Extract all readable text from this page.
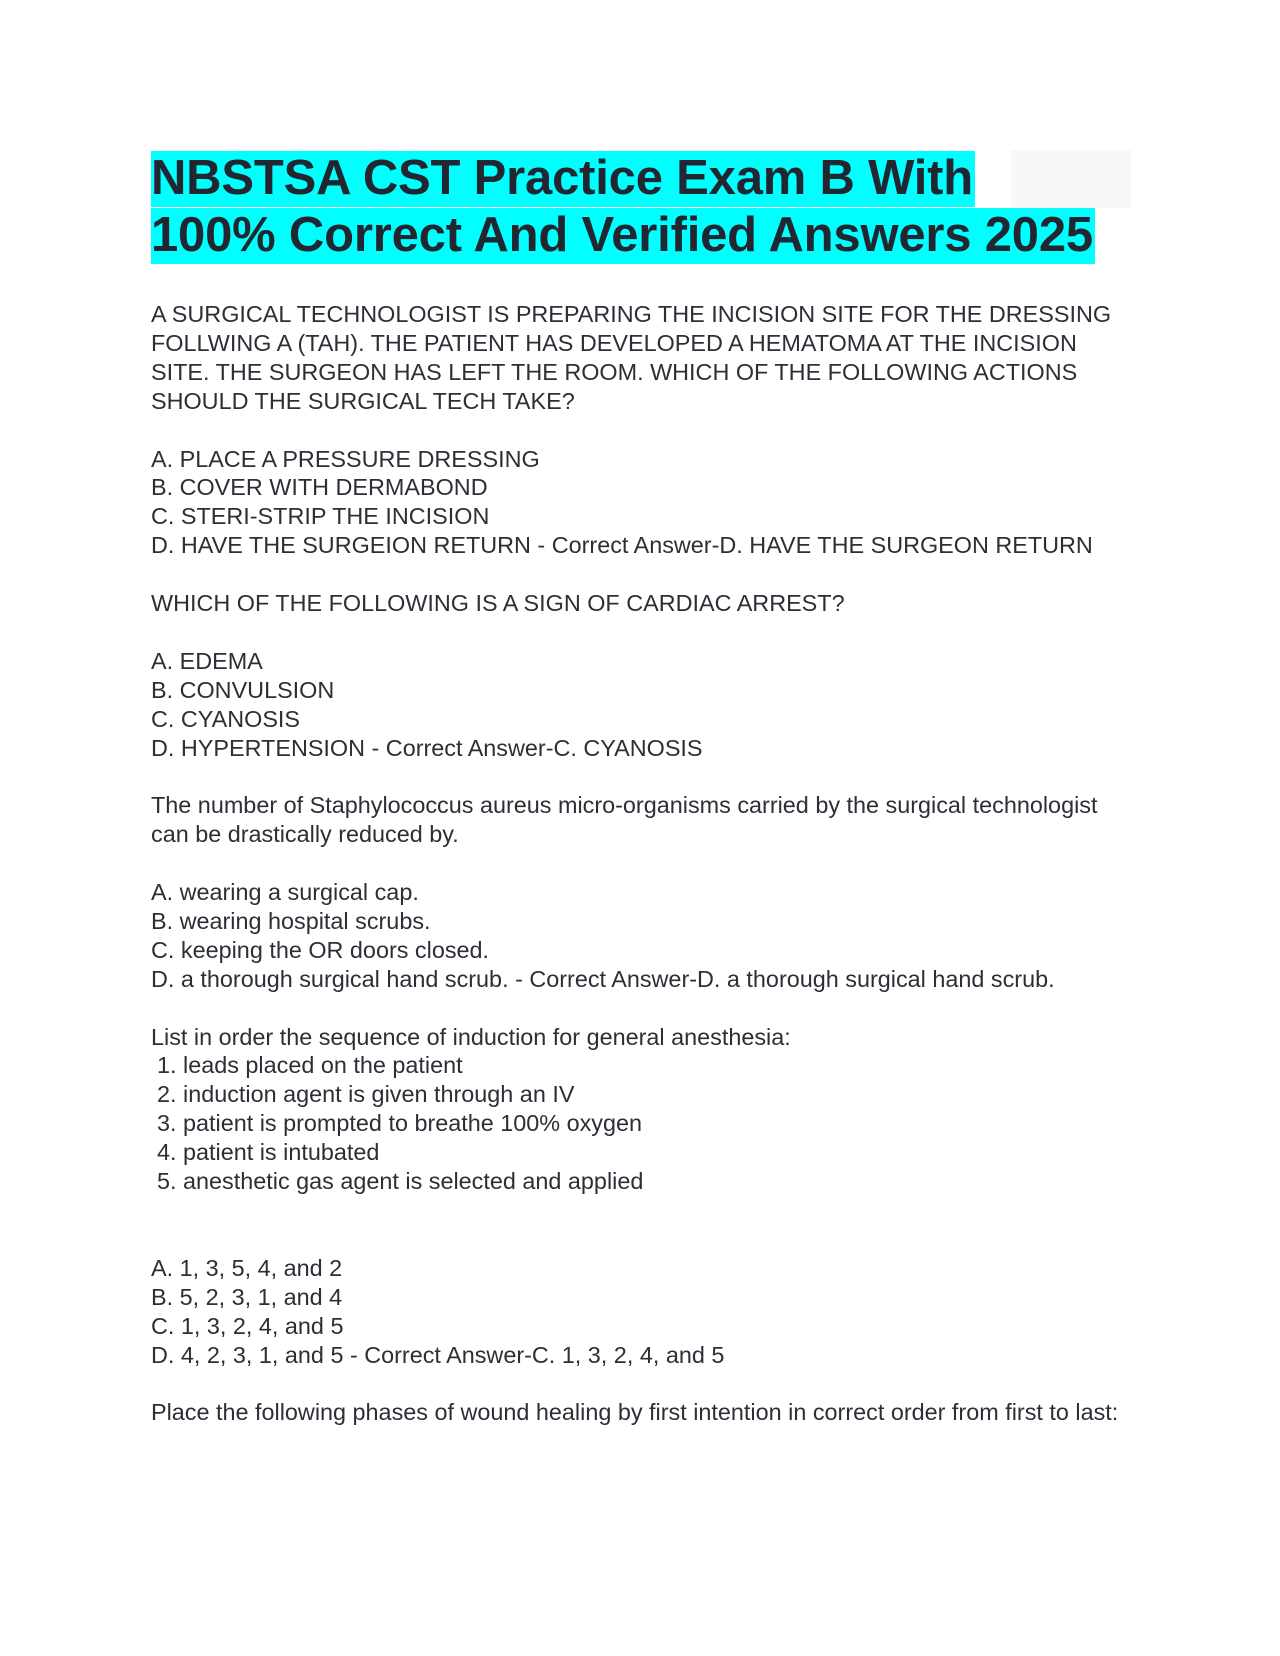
NBSTSA CST Practice Exam B With
100% Correct And Verified Answers 2025

A SURGICAL TECHNOLOGIST IS PREPARING THE INCISION SITE FOR THE DRESSING FOLLWING A (TAH). THE PATIENT HAS DEVELOPED A HEMATOMA AT THE INCISION SITE. THE SURGEON HAS LEFT THE ROOM. WHICH OF THE FOLLOWING ACTIONS SHOULD THE SURGICAL TECH TAKE?

A. PLACE A PRESSURE DRESSING

B. COVER WITH DERMABOND

C. STERI-STRIP THE INCISION

D. HAVE THE SURGEION RETURN - Correct Answer-D. HAVE THE SURGEON RETURN

WHICH OF THE FOLLOWING IS A SIGN OF CARDIAC ARREST?

A. EDEMA

B. CONVULSION

C. CYANOSIS

D. HYPERTENSION - Correct Answer-C. CYANOSIS

The number of Staphylococcus aureus micro-organisms carried by the surgical technologist can be drastically reduced by.

A. wearing a surgical cap.

B. wearing hospital scrubs.

C. keeping the OR doors closed.

D. a thorough surgical hand scrub. - Correct Answer-D. a thorough surgical hand scrub.

List in order the sequence of induction for general anesthesia:

1. leads placed on the patient
2. induction agent is given through an IV
3. patient is prompted to breathe 100% oxygen
4. patient is intubated
5. anesthetic gas agent is selected and applied

A. 1, 3, 5, 4, and 2

B. 5, 2, 3, 1, and 4

C. 1, 3, 2, 4, and 5

D. 4, 2, 3, 1, and 5 - Correct Answer-C. 1, 3, 2, 4, and 5

Place the following phases of wound healing by first intention in correct order from first to last:
